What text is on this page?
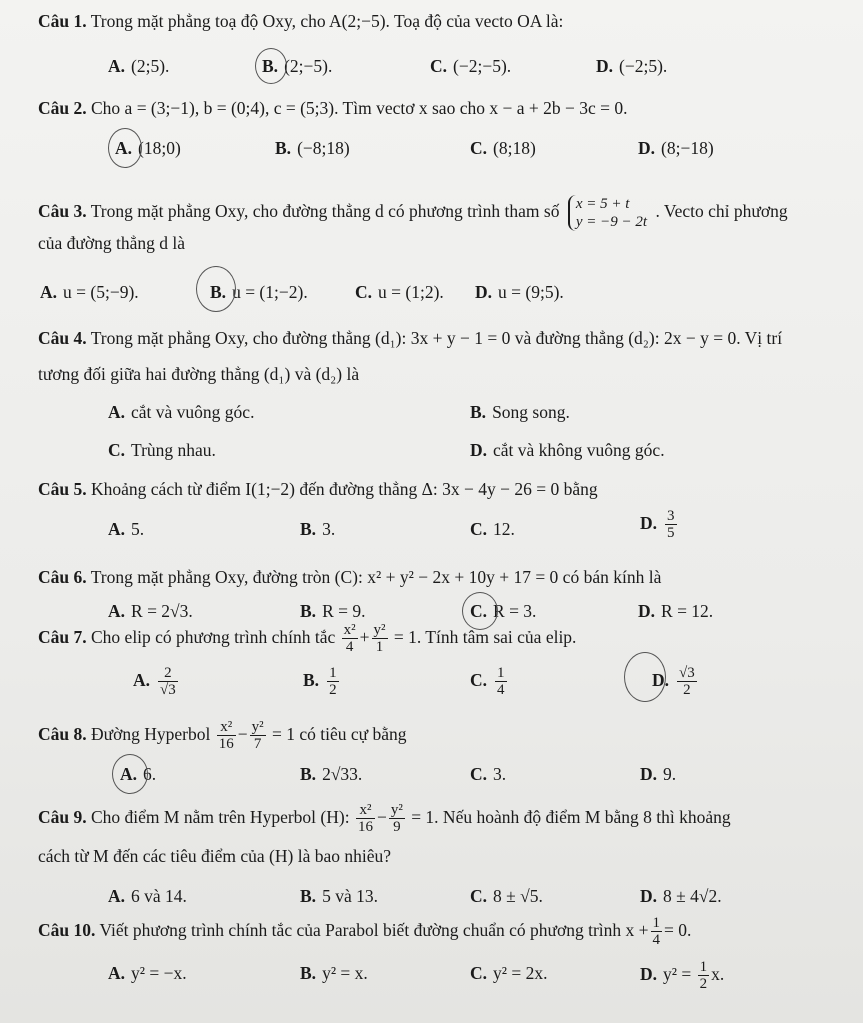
Câu 1. Trong mặt phẳng toạ độ Oxy, cho A(2;−5). Toạ độ của vecto OA là:
A. (2;5).	B. (2;−5).	C. (−2;−5).	D. (−2;5).
Câu 2. Cho a = (3;−1), b = (0;4), c = (5;3). Tìm vectơ x sao cho x − a + 2b − 3c = 0.
A. (18;0)	B. (−8;18)	C. (8;18)	D. (8;−18)
Câu 3. Trong mặt phẳng Oxy, cho đường thẳng d có phương trình tham số x = 5 + t
y = −9 − 2t
. Vecto chỉ phương
của đường thẳng d là
A. u = (5;−9).	B. u = (1;−2).	C. u = (1;2). D. u = (9;5).
Câu 4. Trong mặt phẳng Oxy, cho đường thẳng (d₁): 3x + y − 1 = 0 và đường thẳng (d₂): 2x − y = 0. Vị trí
tương đối giữa hai đường thẳng (d₁) và (d₂) là
A. cắt và vuông góc.	B. Song song.
C. Trùng nhau.	D. cắt và không vuông góc.
Câu 5. Khoảng cách từ điểm I(1;−2) đến đường thẳng Δ: 3x − 4y − 26 = 0 bằng
A. 5.	B. 3.	C. 12.	D. $\frac{3}{5}$
Câu 6. Trong mặt phẳng Oxy, đường tròn (C): x² + y² − 2x + 10y + 17 = 0 có bán kính là
A. R = 2√3.	B. R = 9.	C. R = 3.	D. R = 12.
Câu 7. Cho elip có phương trình chính tắc $\frac{\text{x²}}{4} + \frac{\text{y²}}{1} = 1$. Tính tâm sai của elip.
A. $\frac{2}{√3}$	B. $\frac{1}{2}$	C. $\frac{1}{4}$	D. $\frac{√3}{2}$
Câu 8. Đường Hyperbol $\frac{\text{x²}}{16} - \frac{\text{y²}}{7} = 1$ có tiêu cự bằng
A. 6.	B. 2√33.	C. 3.	D. 9.
Câu 9. Cho điểm M nằm trên Hyperbol (H): $\frac{\text{x²}}{16} - \frac{\text{y²}}{9} = 1$. Nếu hoành độ điểm M bằng 8 thì khoảng
cách từ M đến các tiêu điểm của (H) là bao nhiêu?
A. 6 và 14.	B. 5 và 13.	C. 8 ± √5.	D. 8 ± 4√2.
Câu 10. Viết phương trình chính tắc của Parabol biết đường chuẩn có phương trình $x + \frac{1}{4} = 0$.
A. y² = −x.	B. y² = x.	C. y² = 2x.	D. $y^2 = \frac{1}{2} x$.
